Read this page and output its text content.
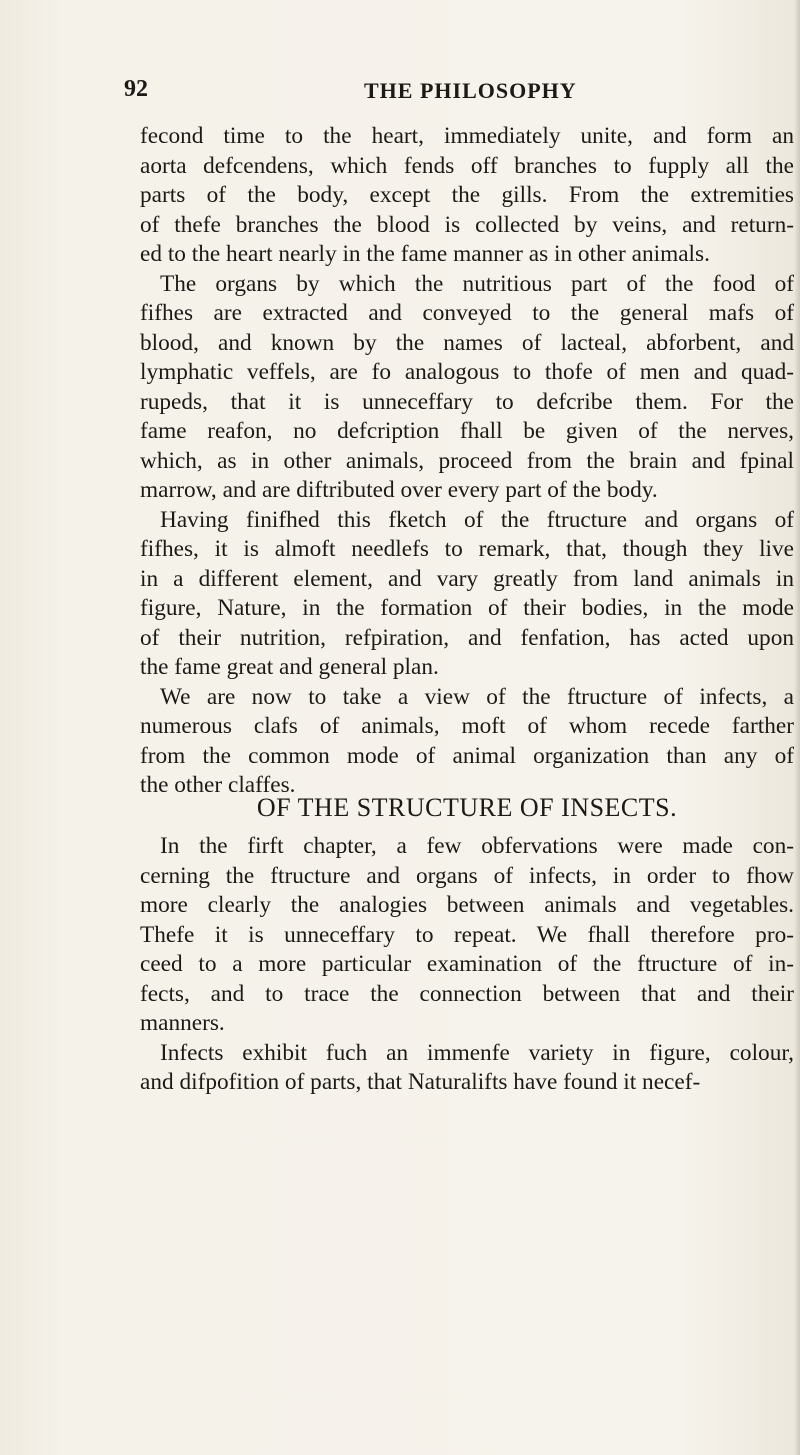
92	THE PHILOSOPHY
fecond time to the heart, immediately unite, and form an
aorta defcendens, which fends off branches to fupply all the
parts of the body, except the gills. From the extremities
of thefe branches the blood is collected by veins, and return-
ed to the heart nearly in the fame manner as in other animals.
The organs by which the nutritious part of the food of
fifhes are extracted and conveyed to the general mafs of
blood, and known by the names of lacteal, abforbent, and
lymphatic veffels, are fo analogous to thofe of men and quad-
rupeds, that it is unneceffary to defcribe them. For the
fame reafon, no defcription fhall be given of the nerves,
which, as in other animals, proceed from the brain and fpinal
marrow, and are diftributed over every part of the body.
Having finifhed this fketch of the ftructure and organs of
fifhes, it is almoft needlefs to remark, that, though they live
in a different element, and vary greatly from land animals in
figure, Nature, in the formation of their bodies, in the mode
of their nutrition, refpiration, and fenfation, has acted upon
the fame great and general plan.
We are now to take a view of the ftructure of infects, a
numerous clafs of animals, moft of whom recede farther
from the common mode of animal organization than any of
the other claffes.
OF THE STRUCTURE OF INSECTS.
In the firft chapter, a few obfervations were made con-
cerning the ftructure and organs of infects, in order to fhow
more clearly the analogies between animals and vegetables.
Thefe it is unneceffary to repeat. We fhall therefore pro-
ceed to a more particular examination of the ftructure of in-
fects, and to trace the connection between that and their
manners.
Infects exhibit fuch an immenfe variety in figure, colour,
and difpofition of parts, that Naturalifts have found it necef-
